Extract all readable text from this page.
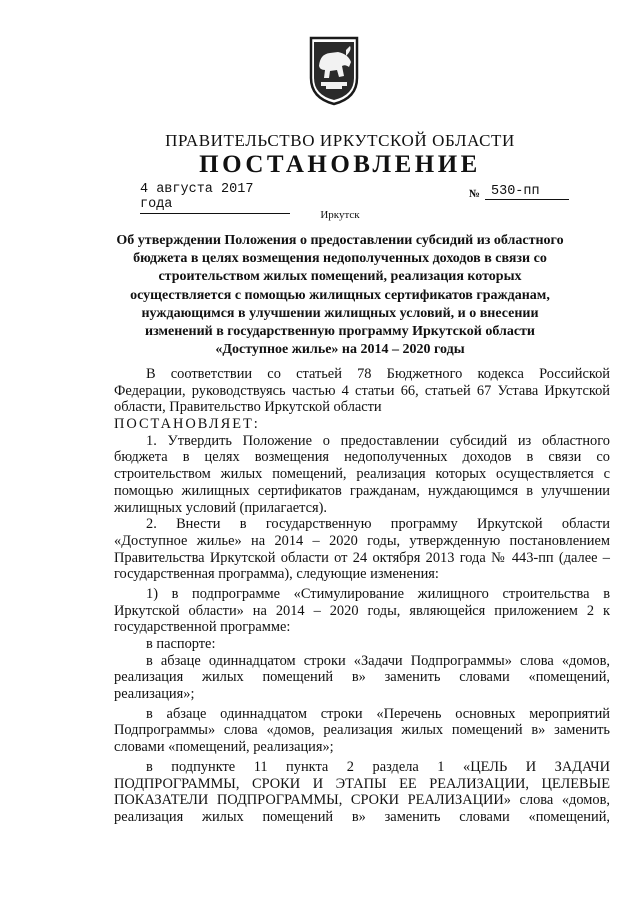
ПРАВИТЕЛЬСТВО ИРКУТСКОЙ ОБЛАСТИ
ПОСТАНОВЛЕНИЕ
4 августа 2017 года
№ 530-пп
Иркутск
Об утверждении Положения о предоставлении субсидий из областного
бюджета в целях возмещения недополученных доходов в связи со
строительством жилых помещений, реализация которых
осуществляется с помощью жилищных сертификатов гражданам,
нуждающимся в улучшении жилищных условий, и о внесении
изменений в государственную программу Иркутской области
«Доступное жилье» на 2014 – 2020 годы
В соответствии со статьей 78 Бюджетного кодекса Российской
Федерации, руководствуясь частью 4 статьи 66, статьей 67 Устава Иркутской
области, Правительство Иркутской области
ПОСТАНОВЛЯЕТ:
1. Утвердить Положение о предоставлении субсидий из областного
бюджета в целях возмещения недополученных доходов в связи со
строительством жилых помещений, реализация которых осуществляется с
помощью жилищных сертификатов гражданам, нуждающимся в улучшении
жилищных условий (прилагается).
2. Внести в государственную программу Иркутской области
«Доступное жилье» на 2014 – 2020 годы, утвержденную постановлением
Правительства Иркутской области от 24 октября 2013 года № 443-пп (далее –
государственная программа), следующие изменения:
1) в подпрограмме «Стимулирование жилищного строительства в
Иркутской области» на 2014 – 2020 годы, являющейся приложением 2 к
государственной программе:
в паспорте:
в абзаце одиннадцатом строки «Задачи Подпрограммы» слова «домов,
реализация жилых помещений в» заменить словами «помещений,
реализация»;
в абзаце одиннадцатом строки «Перечень основных мероприятий
Подпрограммы» слова «домов, реализация жилых помещений в» заменить
словами «помещений, реализация»;
в подпункте 11 пункта 2 раздела 1 «ЦЕЛЬ И ЗАДАЧИ
ПОДПРОГРАММЫ, СРОКИ И ЭТАПЫ ЕЕ РЕАЛИЗАЦИИ, ЦЕЛЕВЫЕ
ПОКАЗАТЕЛИ ПОДПРОГРАММЫ, СРОКИ РЕАЛИЗАЦИИ» слова «домов,
реализация жилых помещений в» заменить словами «помещений,
